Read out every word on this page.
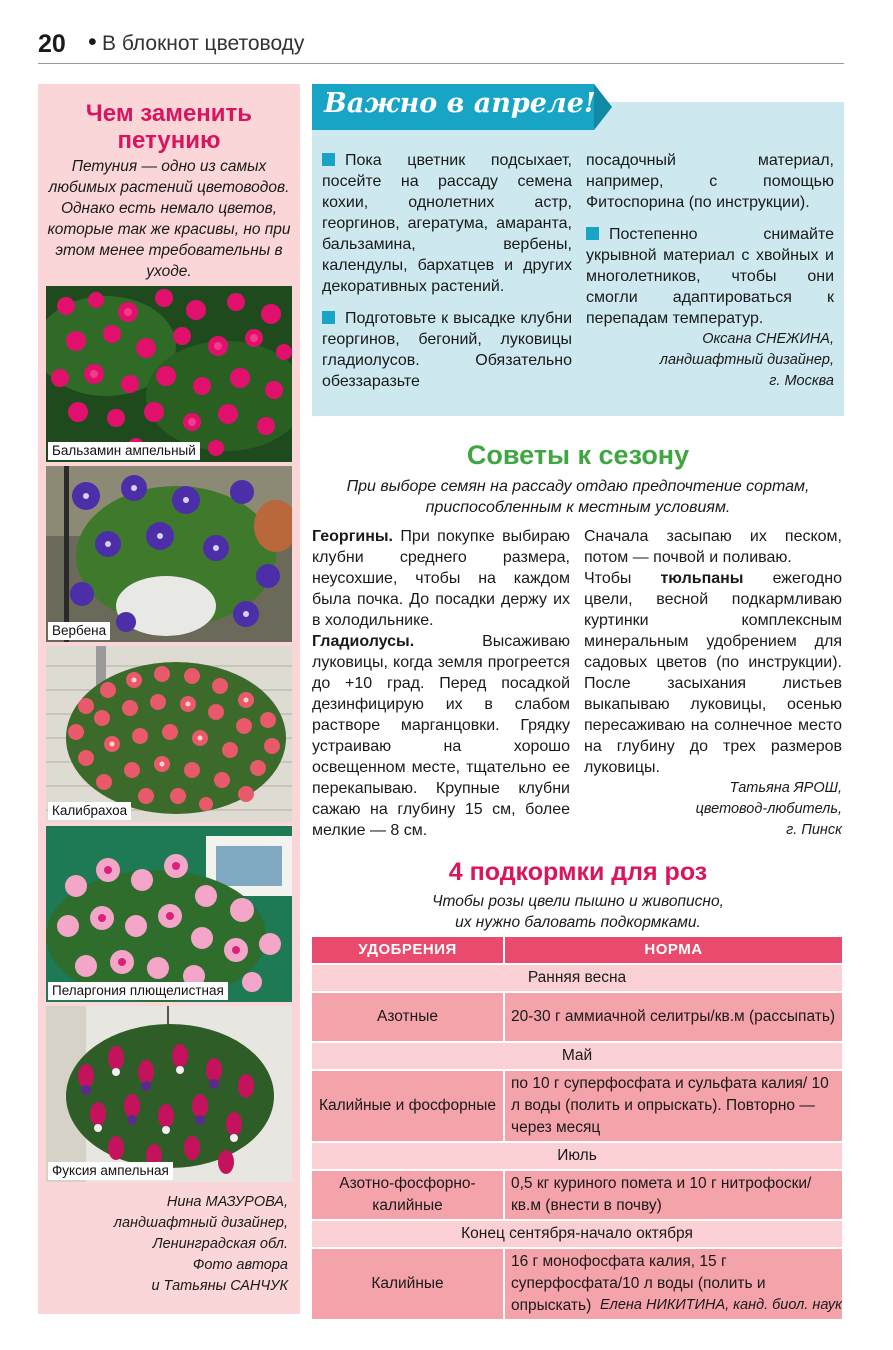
20 • В блокнот цветоводу
Чем заменить петунию
Петуния — одно из самых любимых растений цветоводов. Однако есть немало цветов, которые так же красивы, но при этом менее требовательны в уходе.
Бальзамин ампельный
Вербена
Калибрахоа
Пеларгония плющелистная
Фуксия ампельная
Нина МАЗУРОВА,
ландшафтный дизайнер,
Ленинградская обл.
Фото автора
и Татьяны САНЧУК
Важно в апреле!

Пока цветник подсыхает, посейте на рассаду семена кохии, однолетних астр, георгинов, агератума, амаранта, бальзамина, вербены, календулы, бархатцев и других декоративных растений.

Подготовьте к высадке клубни георгинов, бегоний, луковицы гладиолусов. Обязательно обеззаразьте

посадочный материал, например, с помощью Фитоспорина (по инструкции).

Постепенно снимайте укрывной материал с хвойных и многолетников, чтобы они смогли адаптироваться к перепадам температур.

Оксана СНЕЖИНА,
ландшафтный дизайнер,
г. Москва
Советы к сезону
При выборе семян на рассаду отдаю предпочтение сортам, приспособленным к местным условиям.
Георгины. При покупке выбираю клубни среднего размера, неусохшие, чтобы на каждом была почка. До посадки держу их в холодильнике.
Гладиолусы. Высаживаю луковицы, когда земля прогреется до +10 град. Перед посадкой дезинфицирую их в слабом растворе марганцовки. Грядку устраиваю на хорошо освещенном месте, тщательно ее перекапываю. Крупные клубни сажаю на глубину 15 см, более мелкие — 8 см.
Сначала засыпаю их песком, потом — почвой и поливаю.
Чтобы тюльпаны ежегодно цвели, весной подкармливаю куртинки комплексным минеральным удобрением для садовых цветов (по инструкции). После засыхания листьев выкапываю луковицы, осенью пересаживаю на солнечное место на глубину до трех размеров луковицы.
Татьяна ЯРОШ,
цветовод-любитель,
г. Пинск
4 подкормки для роз
Чтобы розы цвели пышно и живописно,
их нужно баловать подкормками.
УДОБРЕНИЯ	НОРМА
Ранняя весна	
Азотные	20-30 г аммиачной селитры/кв.м (рассыпать)
Май	
Калийные и фосфорные	по 10 г суперфосфата и сульфата калия/ 10 л воды (полить и опрыскать). Повторно — через месяц
Июль	
Азотно-фосфорно-калийные	0,5 кг куриного помета и 10 г нитрофоски/ кв.м (внести в почву)
Конец сентября-начало октября	
Калийные	16 г монофосфата калия, 15 г суперфосфата/10 л воды (полить и опрыскать) Елена НИКИТИНА, канд. биол. наук
